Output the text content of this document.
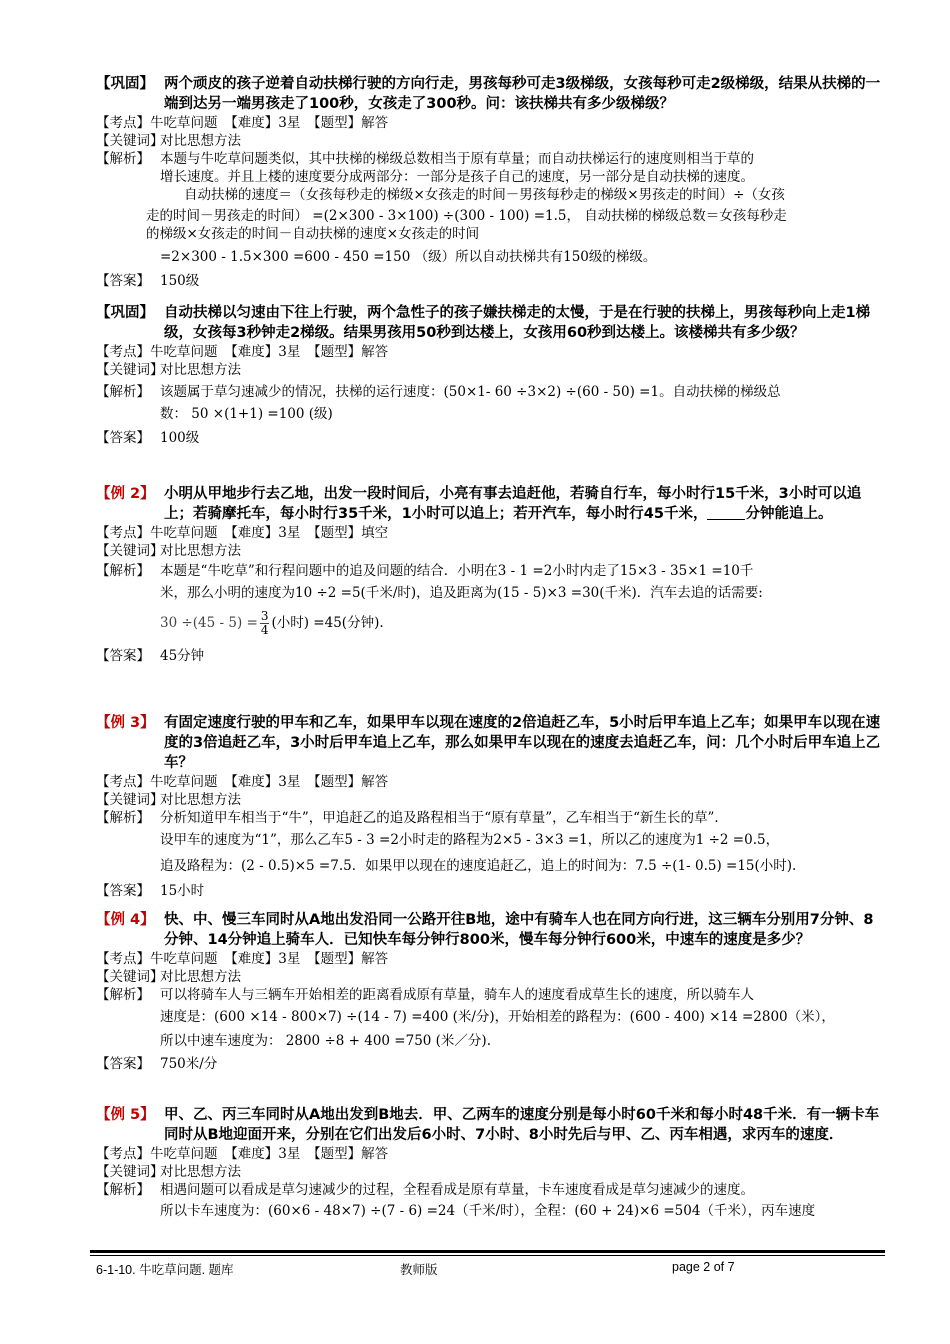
【巩固】 两个顽皮的孩子逆着自动扶梯行驶的方向行走，男孩每秒可走3级梯级，女孩每秒可走2级梯级，结果从扶梯的一端到达另一端男孩走了100秒，女孩走了300秒。问：该扶梯共有多少级梯级？
【考点】牛吃草问题　【难度】3星　【题型】解答
【关键词】
对比思想方法
【解析】 本题与牛吃草问题类似，其中扶梯的梯级总数相当于原有草量；而自动扶梯运行的速度则相当于草的
增长速度。并且上楼的速度要分成两部分：一部分是孩子自己的速度，另一部分是自动扶梯的速度。
自动扶梯的速度＝（女孩每秒走的梯级×女孩走的时间－男孩每秒走的梯级×男孩走的时间）÷（女孩
走的时间－男孩走的时间） =(2×300 - 3×100) ÷(300 - 100) =1.5， 自动扶梯的梯级总数＝女孩每秒走
的梯级×女孩走的时间－自动扶梯的速度×女孩走的时间
=2×300 - 1.5×300 =600 - 450 =150 （级）所以自动扶梯共有150级的梯级。
【答案】 150级
【巩固】 自动扶梯以匀速由下往上行驶，两个急性子的孩子嫌扶梯走的太慢，于是在行驶的扶梯上，男孩每秒向上走1梯级，女孩每3秒钟走2梯级。结果男孩用50秒到达楼上，女孩用60秒到达楼上。该楼梯共有多少级？
【考点】牛吃草问题　【难度】3星　【题型】解答
【关键词】
对比思想方法
【解析】 该题属于草匀速减少的情况，扶梯的运行速度：(50×1- 60 ÷3×2) ÷(60 - 50) =1。自动扶梯的梯级总
数： 50 ×(1+1) =100 (级)
【答案】 100级
【例 2】 小明从甲地步行去乙地，出发一段时间后，小亮有事去追赶他，若骑自行车，每小时行15千米，3小时可以追上；若骑摩托车，每小时行35千米，1小时可以追上；若开汽车，每小时行45千米，	分钟能追上。
【考点】牛吃草问题　【难度】3星　【题型】填空
【关键词】
对比思想方法
【解析】 本题是“牛吃草”和行程问题中的追及问题的结合．小明在3 - 1 =2小时内走了15×3 - 35×1 =10千
米，那么小明的速度为10 ÷2 =5(千米/时)，追及距离为(15 - 5)×3 =30(千米)．汽车去追的话需要:
$30 \div(45 - 5) = \frac{3}{4}$ (小时) =45(分钟).
【答案】 45分钟
【例 3】 有固定速度行驶的甲车和乙车，如果甲车以现在速度的2倍追赶乙车，5小时后甲车追上乙车；如果甲车以现在速度的3倍追赶乙车，3小时后甲车追上乙车，那么如果甲车以现在的速度去追赶乙车，问：几个小时后甲车追上乙车？
【考点】牛吃草问题　【难度】3星　【题型】解答
【关键词】
对比思想方法
【解析】 分析知道甲车相当于“牛”，甲追赶乙的追及路程相当于“原有草量”，乙车相当于“新生长的草”．
设甲车的速度为“1”，那么乙车5 - 3 =2小时走的路程为2×5 - 3×3 =1，所以乙的速度为1 ÷2 =0.5，
追及路程为：(2 - 0.5)×5 =7.5．如果甲以现在的速度追赶乙，追上的时间为：7.5 ÷(1- 0.5) =15(小时).
【答案】 15小时
【例 4】 快、中、慢三车同时从A地出发沿同一公路开往B地，途中有骑车人也在同方向行进，这三辆车分别用7分钟、8分钟、14分钟追上骑车人．已知快车每分钟行800米，慢车每分钟行600米，中速车的速度是多少？
【考点】牛吃草问题　【难度】3星　【题型】解答
【关键词】
对比思想方法
【解析】 可以将骑车人与三辆车开始相差的距离看成原有草量，骑车人的速度看成草生长的速度，所以骑车人
速度是：(600 ×14 - 800×7) ÷(14 - 7) =400 (米/分)，开始相差的路程为：(600 - 400) ×14 =2800（米），
所以中速车速度为： 2800 ÷8 + 400 =750 (米／分).
【答案】 750米/分
【例 5】 甲、乙、丙三车同时从A地出发到B地去．甲、乙两车的速度分别是每小时60千米和每小时48千米．有一辆卡车同时从B地迎面开来，分别在它们出发后6小时、7小时、8小时先后与甲、乙、丙车相遇，求丙车的速度．
【考点】牛吃草问题　【难度】3星　【题型】解答
【关键词】
对比思想方法
【解析】 相遇问题可以看成是草匀速减少的过程，全程看成是原有草量，卡车速度看成是草匀速减少的速度。
所以卡车速度为：(60×6 - 48×7) ÷(7 - 6) =24（千米/时），全程：(60 + 24)×6 =504（千米），丙车速度
6-1-10. 牛吃草问题. 题库	教师版	page 2 of 7
